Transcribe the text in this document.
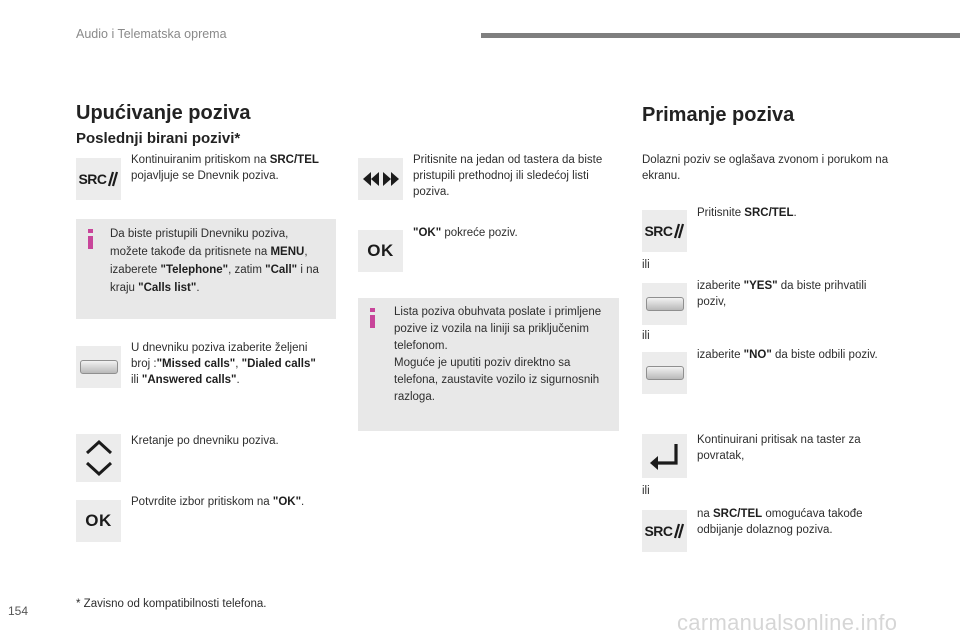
Audio i Telematska oprema
Upućivanje poziva
Poslednji birani pozivi*
SRC
Kontinuiranim pritiskom na SRC/TEL pojavljuje se Dnevnik poziva.
Da biste pristupili Dnevniku poziva,
možete takođe da pritisnete na MENU,
izaberete "Telephone", zatim "Call" i na
kraju "Calls list".
U dnevniku poziva izaberite željeni
broj :"Missed calls", "Dialed calls"
ili "Answered calls".
Kretanje po dnevniku poziva.
OK
Potvrdite izbor pritiskom na "OK".
* Zavisno od kompatibilnosti telefona.
Pritisnite na jedan od tastera da biste pristupili prethodnoj ili sledećoj listi poziva.
OK
"OK" pokreće poziv.
Lista poziva obuhvata poslate i primljene
pozive iz vozila na liniji sa priključenim
telefonom.
Moguće je uputiti poziv direktno sa
telefona, zaustavite vozilo iz sigurnosnih
razloga.
Primanje poziva
Dolazni poziv se oglašava zvonom i porukom na ekranu.
SRC
Pritisnite SRC/TEL.
ili
izaberite "YES" da biste prihvatili poziv,
ili
izaberite "NO" da biste odbili poziv.
Kontinuirani pritisak na taster za povratak,
ili
SRC
na SRC/TEL omogućava takođe odbijanje dolaznog poziva.
154	carmanualsonline.info
